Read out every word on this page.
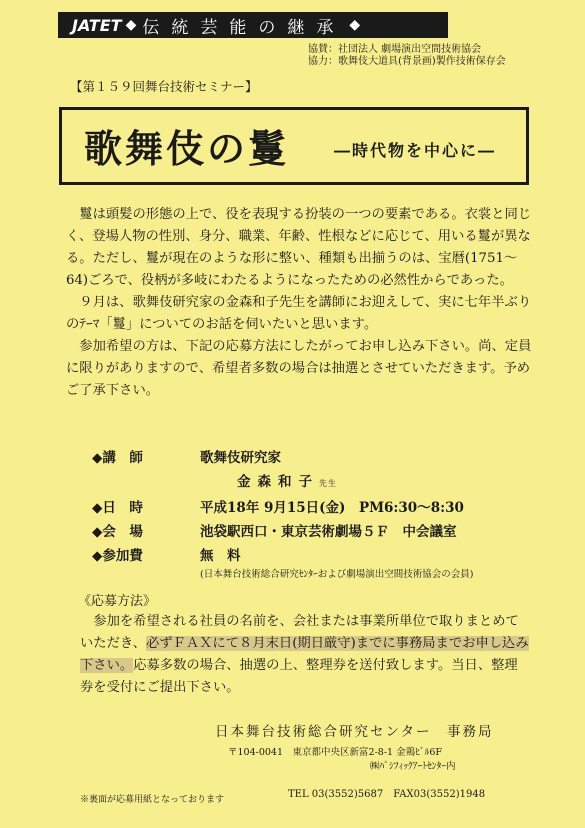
JATET ◆ 伝統芸能の継承 ◆
協賛：社団法人 劇場演出空間技術協会
協力：歌舞伎大道具(背景画)製作技術保存会
【第１５９回舞台技術セミナー】
歌舞伎の鬘	―時代物を中心に―

鬘は頭髪の形態の上で、役を表現する扮装の一つの要素である。衣裳と同じく、登場人物の性別、身分、職業、年齢、性根などに応じて、用いる鬘が異なる。ただし、鬘が現在のような形に整い、種類も出揃うのは、宝暦(1751～64)ごろで、役柄が多岐にわたるようになったための必然性からであった。

９月は、歌舞伎研究家の金森和子先生を講師にお迎えして、実に七年半ぶりのﾃｰﾏ「鬘」についてのお話を伺いたいと思います。

参加希望の方は、下記の応募方法にしたがってお申し込み下さい。尚、定員に限りがありますので、希望者多数の場合は抽選とさせていただきます。予めご了承下さい。

◆講　師	歌舞伎研究家
金森和子先生
◆日　時	平成18年 9月15日(金)　PM6:30～8:30
◆会　場	池袋駅西口・東京芸術劇場５Ｆ　中会議室
◆参加費	無　料
(日本舞台技術総合研究ｾﾝﾀｰおよび劇場演出空間技術協会の会員)
《応募方法》
参加を希望される社員の名前を、会社または事業所単位で取りまとめていただき、必ずＦＡＸにて８月末日(期日厳守)までに事務局までお申し込み下さい。応募多数の場合、抽選の上、整理券を送付致します。当日、整理券を受付にご提出下さい。
日本舞台技術総合研究センター　事務局
〒104-0041　東京都中央区新富2-8-1 金鶏ﾋﾞﾙ6F
㈱ﾊﾟｼﾌｨｯｸｱｰﾄｾﾝﾀｰ内
※裏面が応募用紙となっております	TEL 03(3552)5687　FAX03(3552)1948
